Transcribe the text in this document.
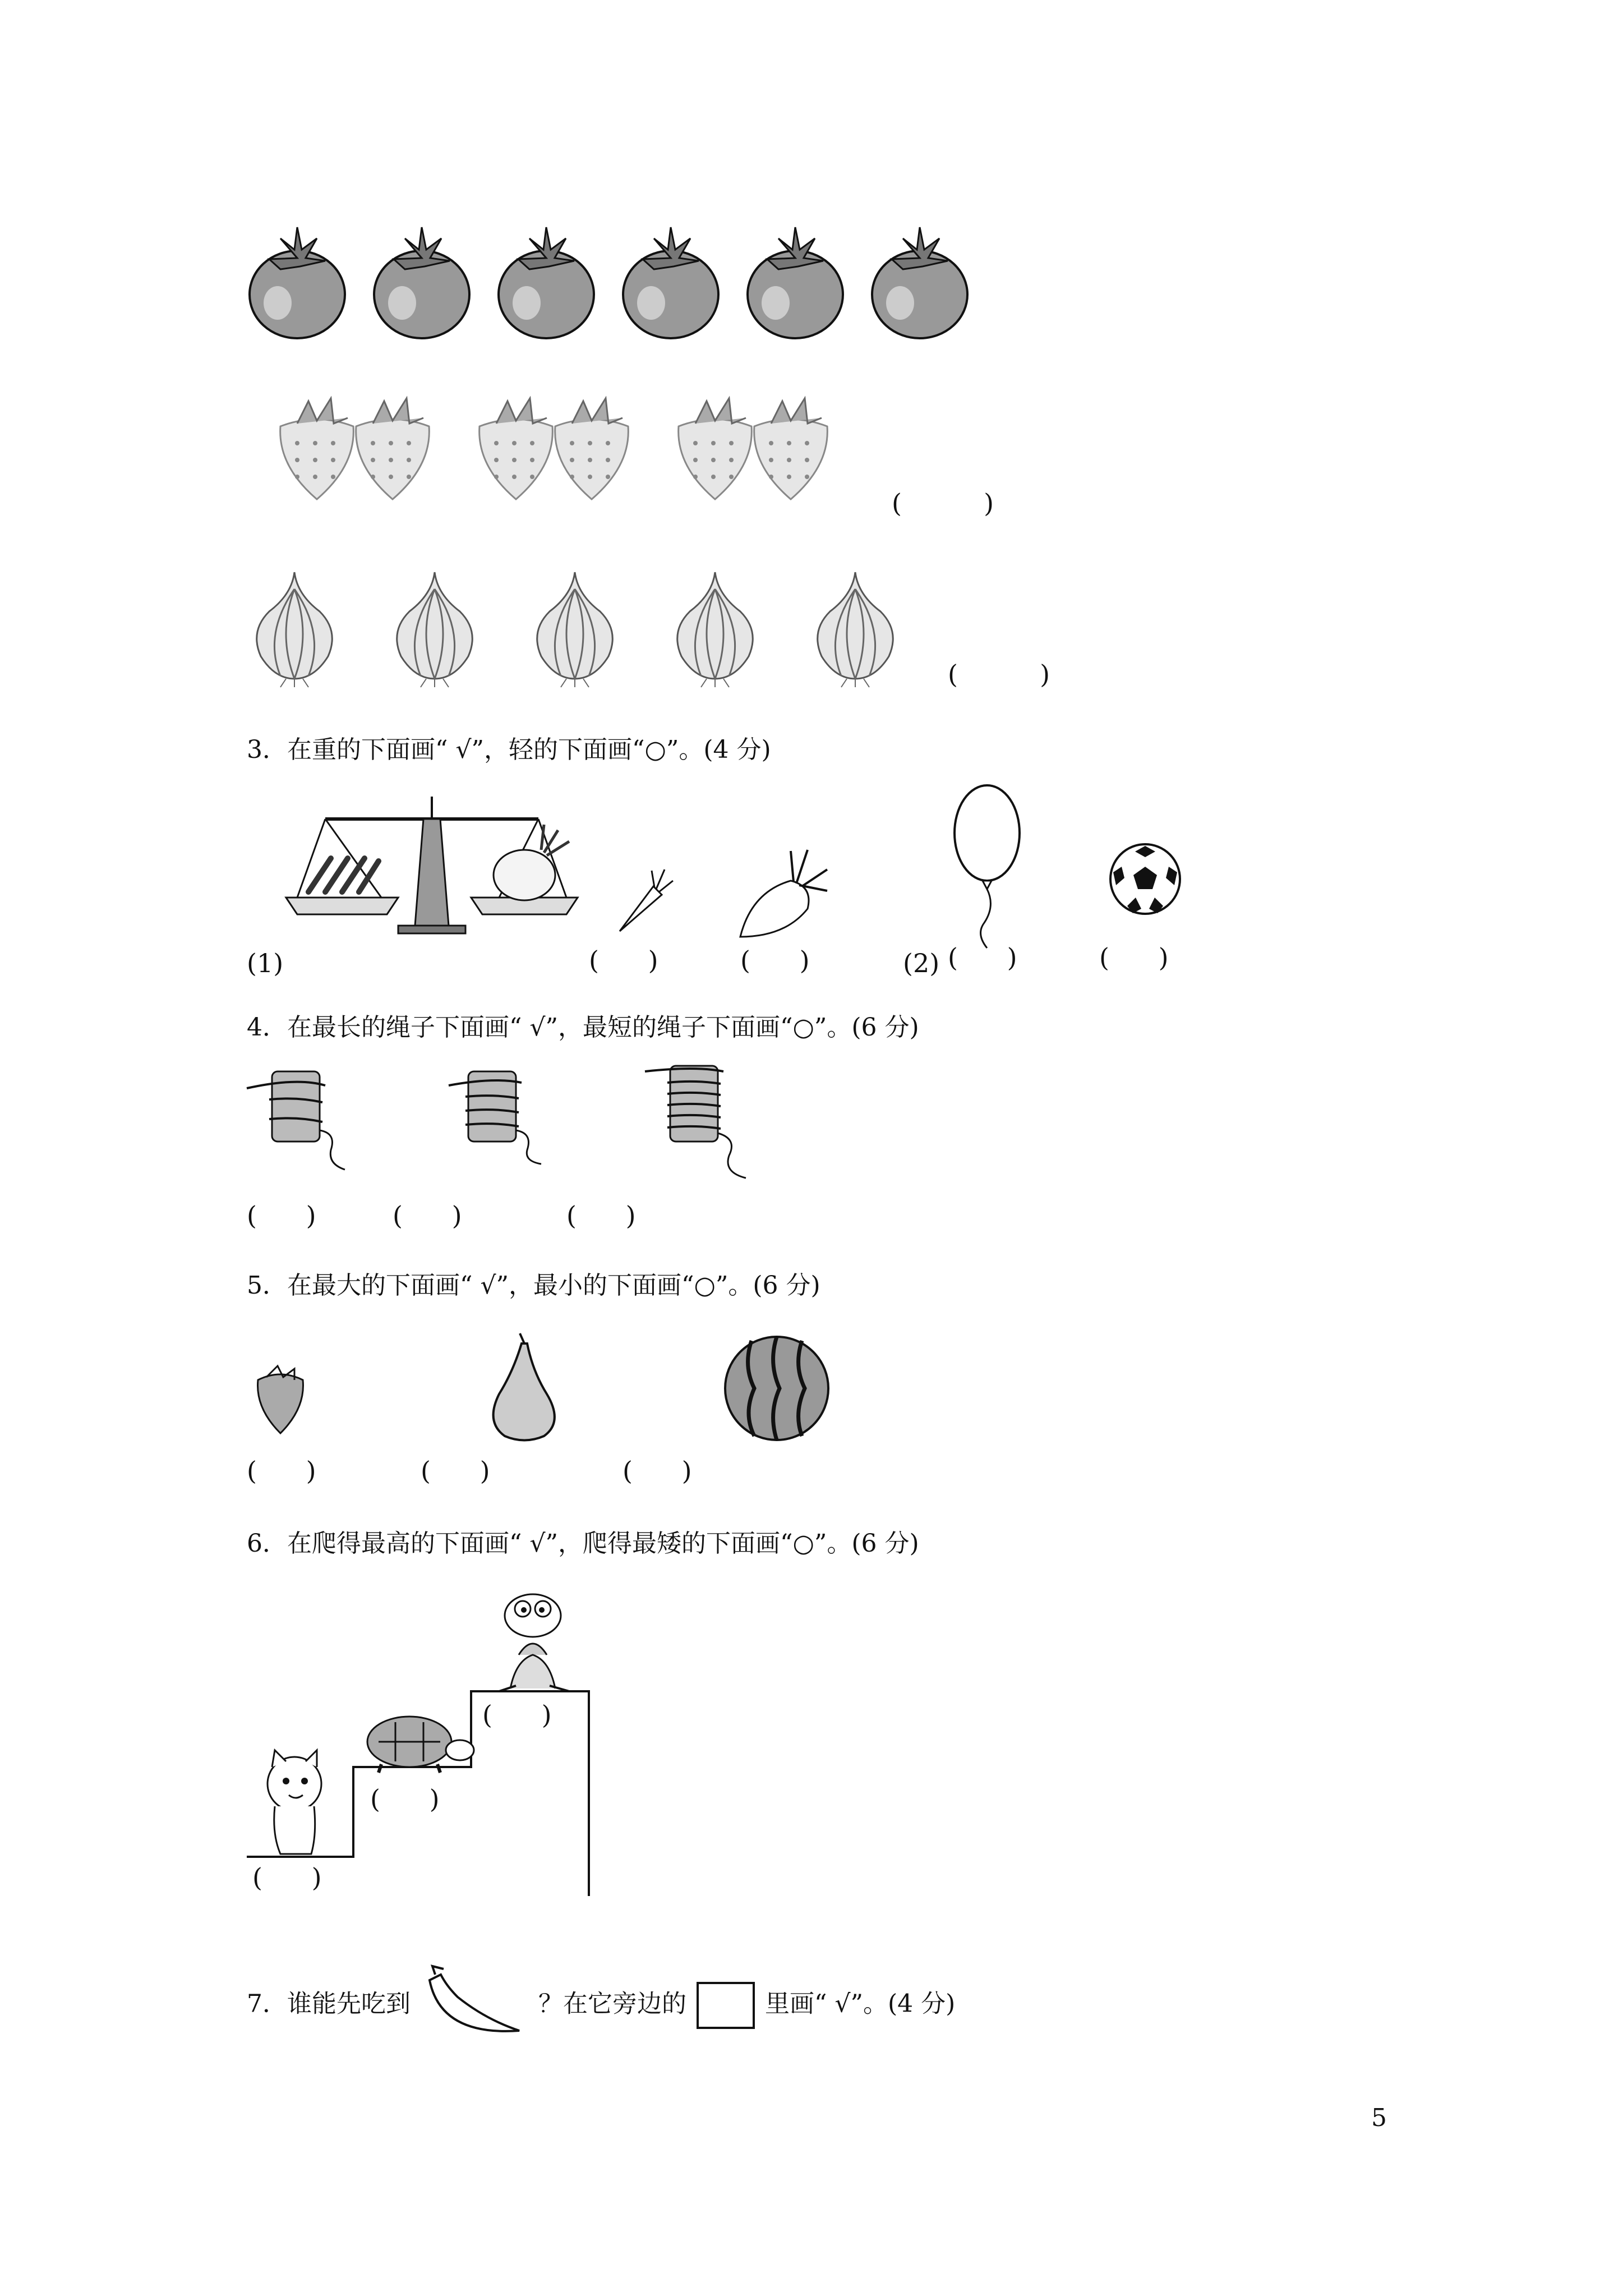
(          )
(          )
3．在重的下面画“ √”，轻的下面画“○”。(4 分)
(1)	(      )	(      )	(2) (      )	(      )
4．在最长的绳子下面画“ √”，最短的绳子下面画“○”。(6 分)
(      )	(      )	(      )
5．在最大的下面画“ √”，最小的下面画“○”。(6 分)
(      )	(      )	(      )
6．在爬得最高的下面画“ √”，爬得最矮的下面画“○”。(6 分)
(      )
(      )
(      )
7．谁能先吃到	？在它旁边的	里画“ √”。(4 分)
5
